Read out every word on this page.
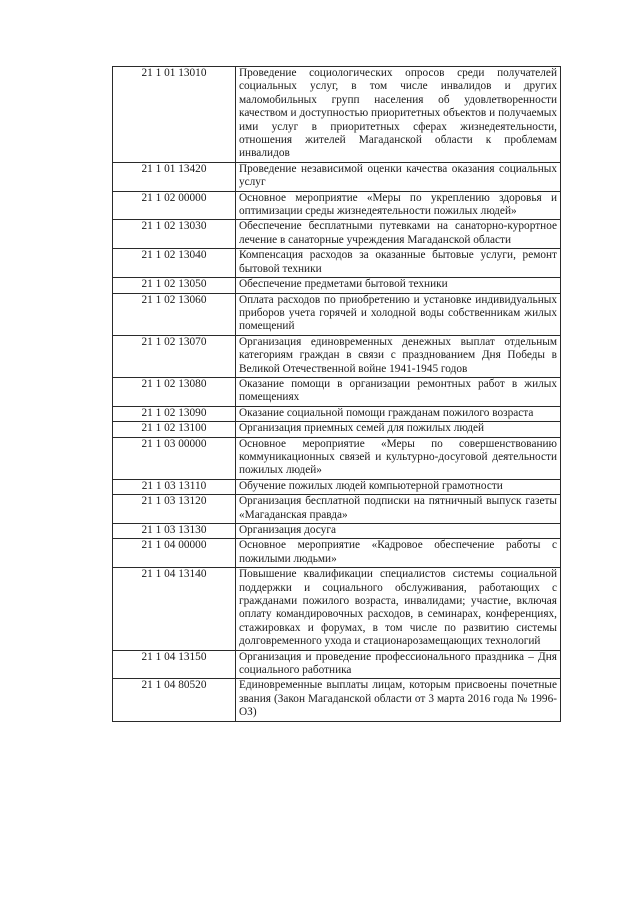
21 1 01 13010	Проведение социологических опросов среди получателей социальных услуг, в том числе инвалидов и других маломобильных групп населения об удовлетворенности качеством и доступностью приоритетных объектов и получаемых ими услуг в приоритетных сферах жизнедеятельности, отношения жителей Магаданской области к проблемам инвалидов
21 1 01 13420	Проведение независимой оценки качества оказания социальных услуг
21 1 02 00000	Основное мероприятие «Меры по укреплению здоровья и оптимизации среды жизнедеятельности пожилых людей»
21 1 02 13030	Обеспечение бесплатными путевками на санаторно-курортное лечение в санаторные учреждения Магаданской области
21 1 02 13040	Компенсация расходов за оказанные бытовые услуги, ремонт бытовой техники
21 1 02 13050	Обеспечение предметами бытовой техники
21 1 02 13060	Оплата расходов по приобретению и установке индивидуальных приборов учета горячей и холодной воды собственникам жилых помещений
21 1 02 13070	Организация единовременных денежных выплат отдельным категориям граждан в связи с празднованием Дня Победы в Великой Отечественной войне 1941-1945 годов
21 1 02 13080	Оказание помощи в организации ремонтных работ в жилых помещениях
21 1 02 13090	Оказание социальной помощи гражданам пожилого возраста
21 1 02 13100	Организация приемных семей для пожилых людей
21 1 03 00000	Основное мероприятие «Меры по совершенствованию коммуникационных связей и культурно-досуговой деятельности пожилых людей»
21 1 03 13110	Обучение пожилых людей компьютерной грамотности
21 1 03 13120	Организация бесплатной подписки на пятничный выпуск газеты «Магаданская правда»
21 1 03 13130	Организация досуга
21 1 04 00000	Основное мероприятие «Кадровое обеспечение работы с пожилыми людьми»
21 1 04 13140	Повышение квалификации специалистов системы социальной поддержки и социального обслуживания, работающих с гражданами пожилого возраста, инвалидами; участие, включая оплату командировочных расходов, в семинарах, конференциях, стажировках и форумах, в том числе по развитию системы долговременного ухода и стационарозамещающих технологий
21 1 04 13150	Организация и проведение профессионального праздника – Дня социального работника
21 1 04 80520	Единовременные выплаты лицам, которым присвоены почетные звания (Закон Магаданской области от 3 марта 2016 года № 1996-ОЗ)
